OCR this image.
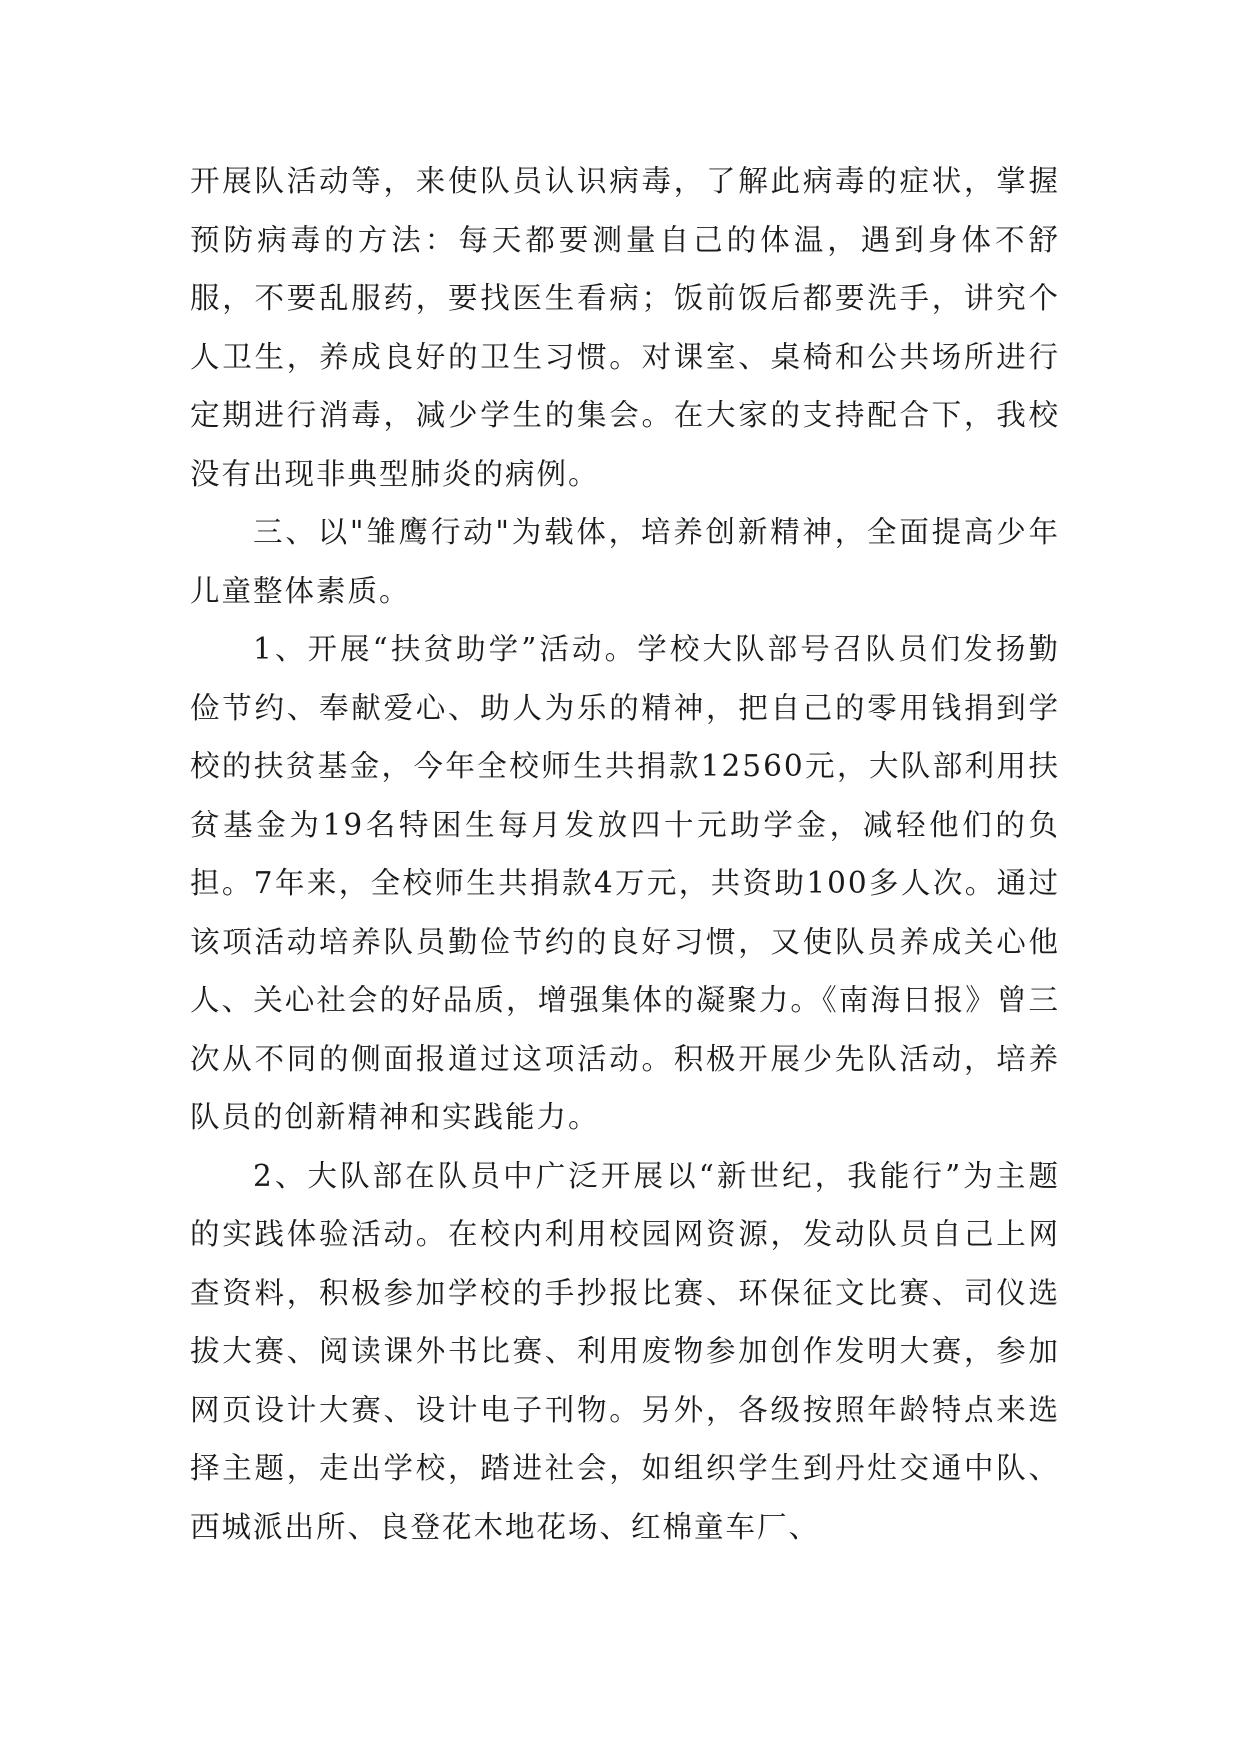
开展队活动等，来使队员认识病毒，了解此病毒的症状，掌握预防病毒的方法：每天都要测量自己的体温，遇到身体不舒服，不要乱服药，要找医生看病；饭前饭后都要洗手，讲究个人卫生，养成良好的卫生习惯。对课室、桌椅和公共场所进行定期进行消毒，减少学生的集会。在大家的支持配合下，我校没有出现非典型肺炎的病例。

三、以"雏鹰行动"为载体，培养创新精神，全面提高少年儿童整体素质。

1、开展“扶贫助学”活动。学校大队部号召队员们发扬勤俭节约、奉献爱心、助人为乐的精神，把自己的零用钱捐到学校的扶贫基金，今年全校师生共捐款12560元，大队部利用扶贫基金为19名特困生每月发放四十元助学金，减轻他们的负担。7年来，全校师生共捐款4万元，共资助100多人次。通过该项活动培养队员勤俭节约的良好习惯，又使队员养成关心他人、关心社会的好品质，增强集体的凝聚力。《南海日报》曾三次从不同的侧面报道过这项活动。积极开展少先队活动，培养队员的创新精神和实践能力。

2、大队部在队员中广泛开展以“新世纪，我能行”为主题的实践体验活动。在校内利用校园网资源，发动队员自己上网查资料，积极参加学校的手抄报比赛、环保征文比赛、司仪选拔大赛、阅读课外书比赛、利用废物参加创作发明大赛，参加网页设计大赛、设计电子刊物。另外，各级按照年龄特点来选择主题，走出学校，踏进社会，如组织学生到丹灶交通中队、西城派出所、良登花木地花场、红棉童车厂、
